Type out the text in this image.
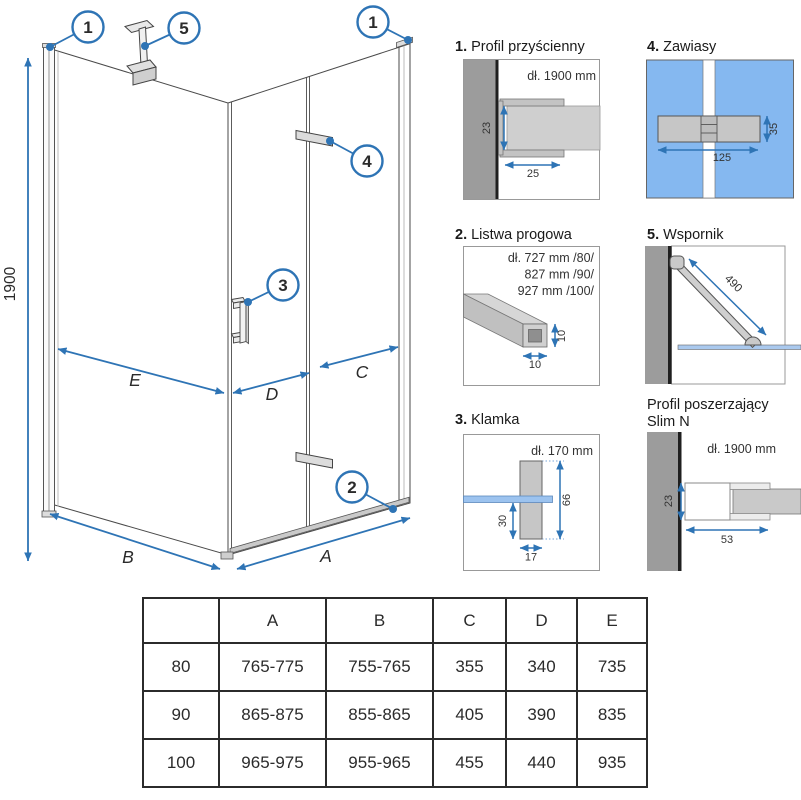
1900
E
D
C
B	A
1	5	1
4
3
2
1. Profil przyścienny	4. Zawiasy
2. Listwa progowa	5. Wspornik
3. Klamka
Profil poszerzający
Slim N
dł. 1900 mm
23
25
125
35
dł. 727 mm /80/
827 mm /90/
927 mm /100/
10
10
490
dł. 170 mm
30
17
66
dł. 1900 mm
23
53
	A	B	C	D	E
80	765-775	755-765	355	340	735
90	865-875	855-865	405	390	835
100	965-975	955-965	455	440	935
